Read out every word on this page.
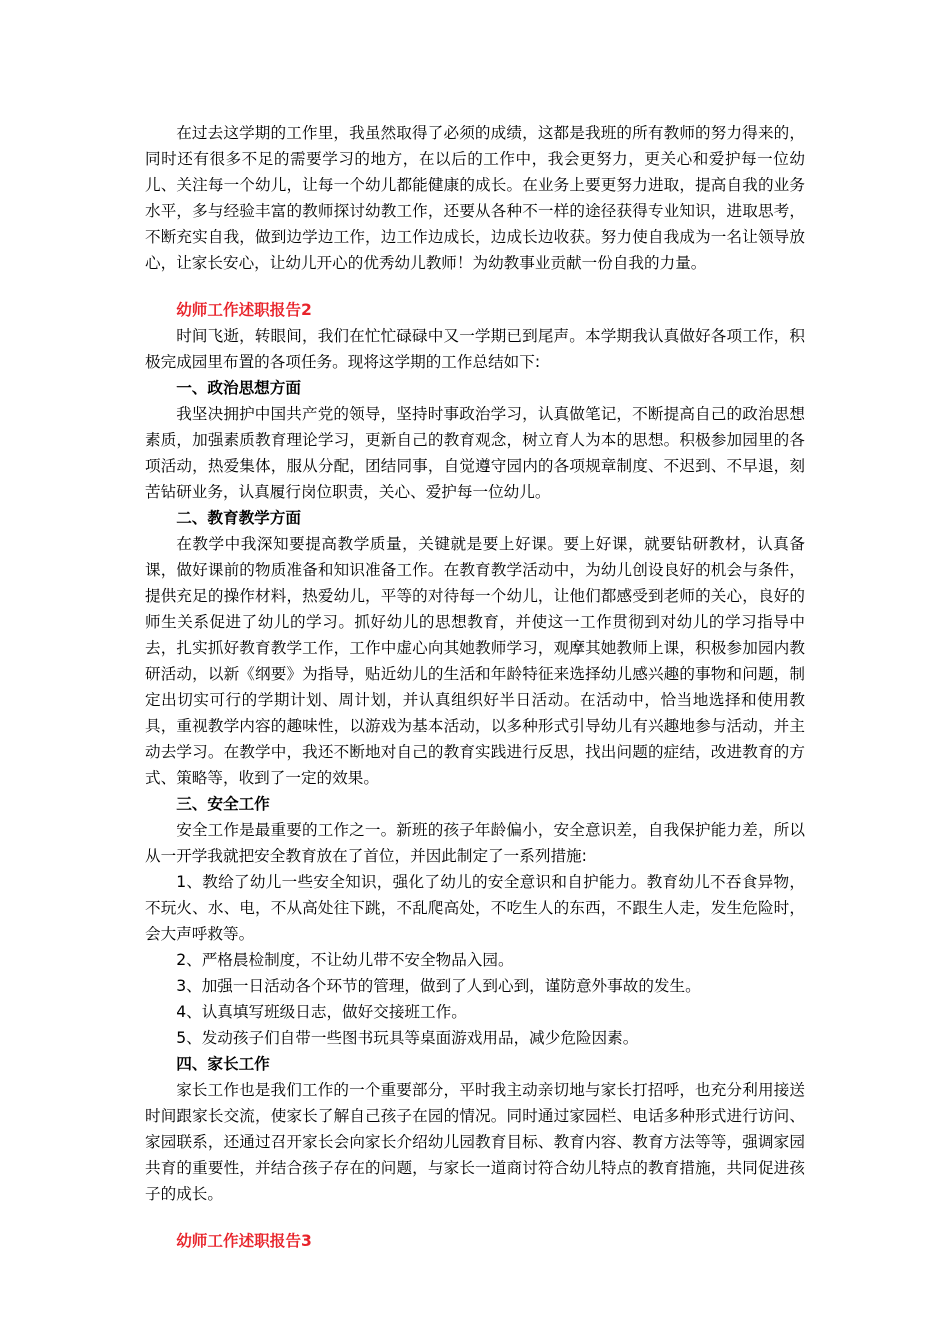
在过去这学期的工作里，我虽然取得了必须的成绩，这都是我班的所有教师的努力得来的，同时还有很多不足的需要学习的地方，在以后的工作中，我会更努力，更关心和爱护每一位幼儿、关注每一个幼儿，让每一个幼儿都能健康的成长。在业务上要更努力进取，提高自我的业务水平，多与经验丰富的教师探讨幼教工作，还要从各种不一样的途径获得专业知识，进取思考，不断充实自我，做到边学边工作，边工作边成长，边成长边收获。努力使自我成为一名让领导放心，让家长安心，让幼儿开心的优秀幼儿教师！为幼教事业贡献一份自我的力量。

幼师工作述职报告2

时间飞逝，转眼间，我们在忙忙碌碌中又一学期已到尾声。本学期我认真做好各项工作，积极完成园里布置的各项任务。现将这学期的工作总结如下:

一、政治思想方面

我坚决拥护中国共产党的领导，坚持时事政治学习，认真做笔记，不断提高自己的政治思想素质，加强素质教育理论学习，更新自己的教育观念，树立育人为本的思想。积极参加园里的各项活动，热爱集体，服从分配，团结同事，自觉遵守园内的各项规章制度、不迟到、不早退，刻苦钻研业务，认真履行岗位职责，关心、爱护每一位幼儿。

二、教育教学方面

在教学中我深知要提高教学质量，关键就是要上好课。要上好课，就要钻研教材，认真备课，做好课前的物质准备和知识准备工作。在教育教学活动中，为幼儿创设良好的机会与条件，提供充足的操作材料，热爱幼儿，平等的对待每一个幼儿，让他们都感受到老师的关心，良好的师生关系促进了幼儿的学习。抓好幼儿的思想教育，并使这一工作贯彻到对幼儿的学习指导中去，扎实抓好教育教学工作，工作中虚心向其她教师学习，观摩其她教师上课，积极参加园内教研活动，以新《纲要》为指导，贴近幼儿的生活和年龄特征来选择幼儿感兴趣的事物和问题，制定出切实可行的学期计划、周计划，并认真组织好半日活动。在活动中，恰当地选择和使用教具，重视教学内容的趣味性，以游戏为基本活动，以多种形式引导幼儿有兴趣地参与活动，并主动去学习。在教学中，我还不断地对自己的教育实践进行反思，找出问题的症结，改进教育的方式、策略等，收到了一定的效果。

三、安全工作

安全工作是最重要的工作之一。新班的孩子年龄偏小，安全意识差，自我保护能力差，所以从一开学我就把安全教育放在了首位，并因此制定了一系列措施:

1、教给了幼儿一些安全知识，强化了幼儿的安全意识和自护能力。教育幼儿不吞食异物，不玩火、水、电，不从高处往下跳，不乱爬高处，不吃生人的东西，不跟生人走，发生危险时，会大声呼救等。

2、严格晨检制度，不让幼儿带不安全物品入园。

3、加强一日活动各个环节的管理，做到了人到心到，谨防意外事故的发生。

4、认真填写班级日志，做好交接班工作。

5、发动孩子们自带一些图书玩具等桌面游戏用品，减少危险因素。

四、家长工作

家长工作也是我们工作的一个重要部分，平时我主动亲切地与家长打招呼，也充分利用接送时间跟家长交流，使家长了解自己孩子在园的情况。同时通过家园栏、电话多种形式进行访问、家园联系，还通过召开家长会向家长介绍幼儿园教育目标、教育内容、教育方法等等，强调家园共育的重要性，并结合孩子存在的问题，与家长一道商讨符合幼儿特点的教育措施，共同促进孩子的成长。

幼师工作述职报告3
